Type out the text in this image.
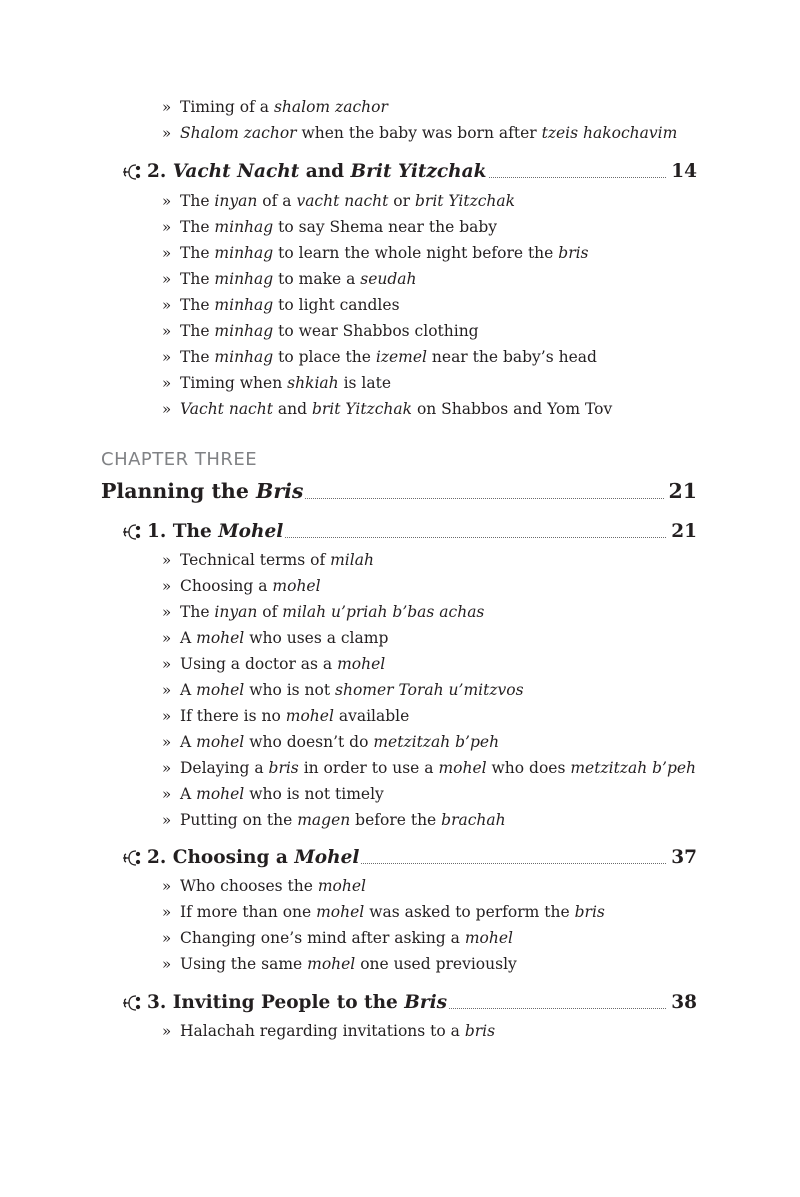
» Timing of a shalom zachor
» Shalom zachor when the baby was born after tzeis hakochavim
2. Vacht Nacht and Brit Yitzchak	14
» The inyan of a vacht nacht or brit Yitzchak
» The minhag to say Shema near the baby
» The minhag to learn the whole night before the bris
» The minhag to make a seudah
» The minhag to light candles
» The minhag to wear Shabbos clothing
» The minhag to place the izemel near the baby’s head
» Timing when shkiah is late
» Vacht nacht and brit Yitzchak on Shabbos and Yom Tov
CHAPTER THREE
Planning the Bris	21
1. The Mohel	21
» Technical terms of milah
» Choosing a mohel
» The inyan of milah u’priah b’bas achas
» A mohel who uses a clamp
» Using a doctor as a mohel
» A mohel who is not shomer Torah u’mitzvos
» If there is no mohel available
» A mohel who doesn’t do metzitzah b’peh
» Delaying a bris in order to use a mohel who does metzitzah b’peh
» A mohel who is not timely
» Putting on the magen before the brachah
2. Choosing a Mohel	37
» Who chooses the mohel
» If more than one mohel was asked to perform the bris
» Changing one’s mind after asking a mohel
» Using the same mohel one used previously
3. Inviting People to the Bris	38
» Halachah regarding invitations to a bris
